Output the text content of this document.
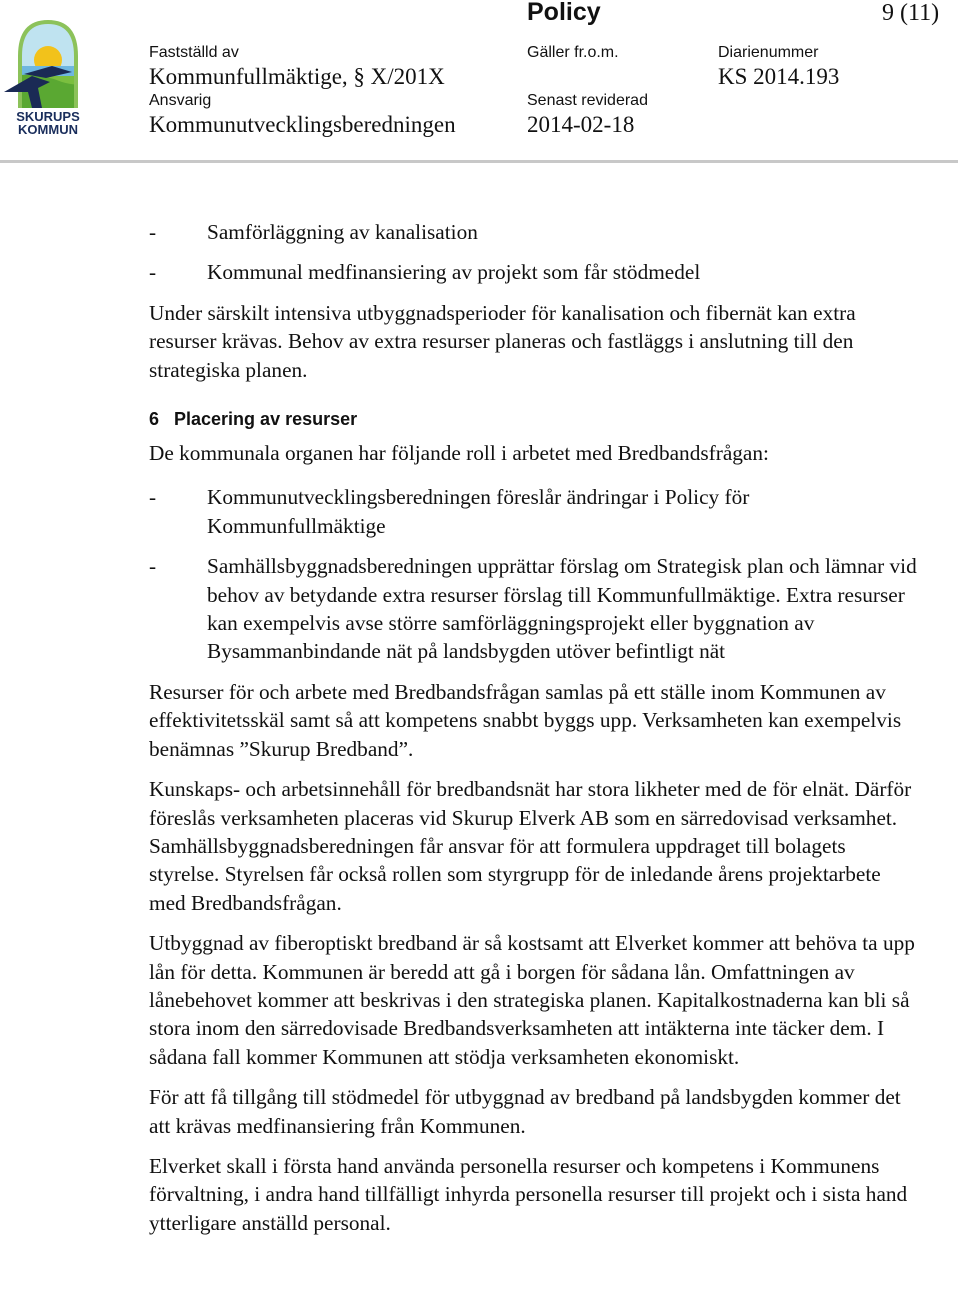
SKURUPS
KOMMUN
Policy	9 (11)
Fastställd av
Kommunfullmäktige, § X/201X
Gäller fr.o.m.	Diarienummer
KS 2014.193
Ansvarig
Kommunutvecklingsberedningen
Senast reviderad
2014-02-18

- Samförläggning av kanalisation

- Kommunal medfinansiering av projekt som får stödmedel

Under särskilt intensiva utbyggnadsperioder för kanalisation och fibernät kan extra resurser krävas. Behov av extra resurser planeras och fastläggs i anslutning till den strategiska planen.

6 Placering av resurser

De kommunala organen har följande roll i arbetet med Bredbandsfrågan:

- Kommunutvecklingsberedningen föreslår ändringar i Policy för Kommunfullmäktige

- Samhällsbyggnadsberedningen upprättar förslag om Strategisk plan och lämnar vid behov av betydande extra resurser förslag till Kommunfullmäktige. Extra resurser kan exempelvis avse större samförläggningsprojekt eller byggnation av Bysammanbindande nät på landsbygden utöver befintligt nät

Resurser för och arbete med Bredbandsfrågan samlas på ett ställe inom Kommunen av effektivitetsskäl samt så att kompetens snabbt byggs upp. Verksamheten kan exempelvis benämnas ”Skurup Bredband”.

Kunskaps- och arbetsinnehåll för bredbandsnät har stora likheter med de för elnät. Därför föreslås verksamheten placeras vid Skurup Elverk AB som en särredovisad verksamhet. Samhällsbyggnadsberedningen får ansvar för att formulera uppdraget till bolagets styrelse. Styrelsen får också rollen som styrgrupp för de inledande årens projektarbete med Bredbandsfrågan.

Utbyggnad av fiberoptiskt bredband är så kostsamt att Elverket kommer att behöva ta upp lån för detta. Kommunen är beredd att gå i borgen för sådana lån. Omfattningen av lånebehovet kommer att beskrivas i den strategiska planen. Kapitalkostnaderna kan bli så stora inom den särredovisade Bredbandsverksamheten att intäkterna inte täcker dem. I sådana fall kommer Kommunen att stödja verksamheten ekonomiskt.

För att få tillgång till stödmedel för utbyggnad av bredband på landsbygden kommer det att krävas medfinansiering från Kommunen.

Elverket skall i första hand använda personella resurser och kompetens i Kommunens förvaltning, i andra hand tillfälligt inhyrda personella resurser till projekt och i sista hand ytterligare anställd personal.
